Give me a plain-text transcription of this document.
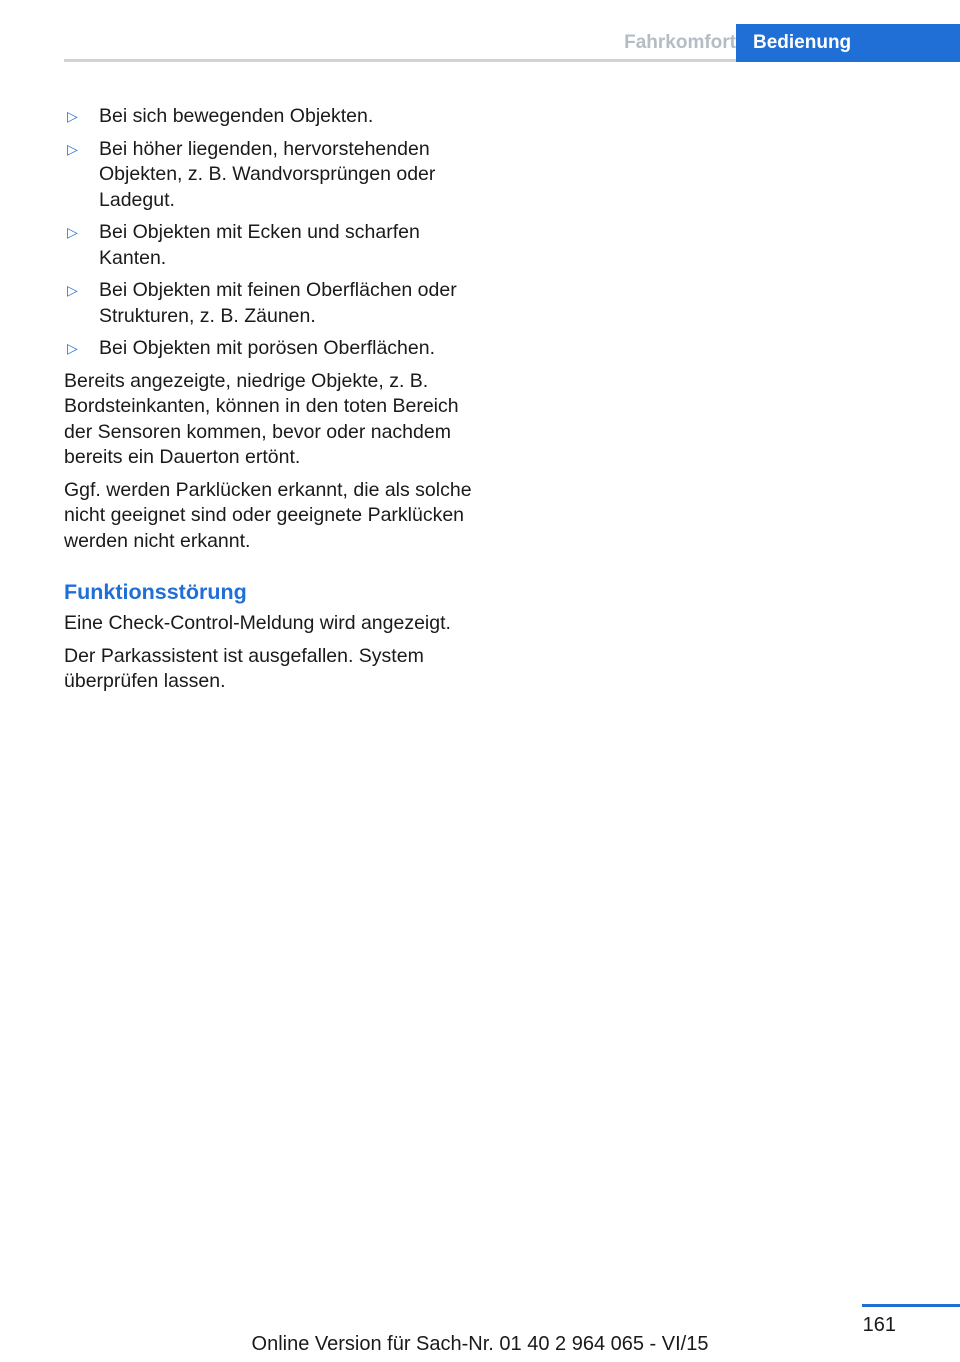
Fahrkomfort Bedienung
▷ Bei sich bewegenden Objekten.
▷ Bei höher liegenden, hervorstehenden Objekten, z. B. Wandvorsprüngen oder Ladegut.
▷ Bei Objekten mit Ecken und scharfen Kanten.
▷ Bei Objekten mit feinen Oberflächen oder Strukturen, z. B. Zäunen.
▷ Bei Objekten mit porösen Oberflächen.

Bereits angezeigte, niedrige Objekte, z. B. Bordsteinkanten, können in den toten Bereich der Sensoren kommen, bevor oder nachdem bereits ein Dauerton ertönt.

Ggf. werden Parklücken erkannt, die als solche nicht geeignet sind oder geeignete Parklücken werden nicht erkannt.

Funktionsstörung

Eine Check-Control-Meldung wird angezeigt.

Der Parkassistent ist ausgefallen. System überprüfen lassen.

161
Online Version für Sach-Nr. 01 40 2 964 065 - VI/15
